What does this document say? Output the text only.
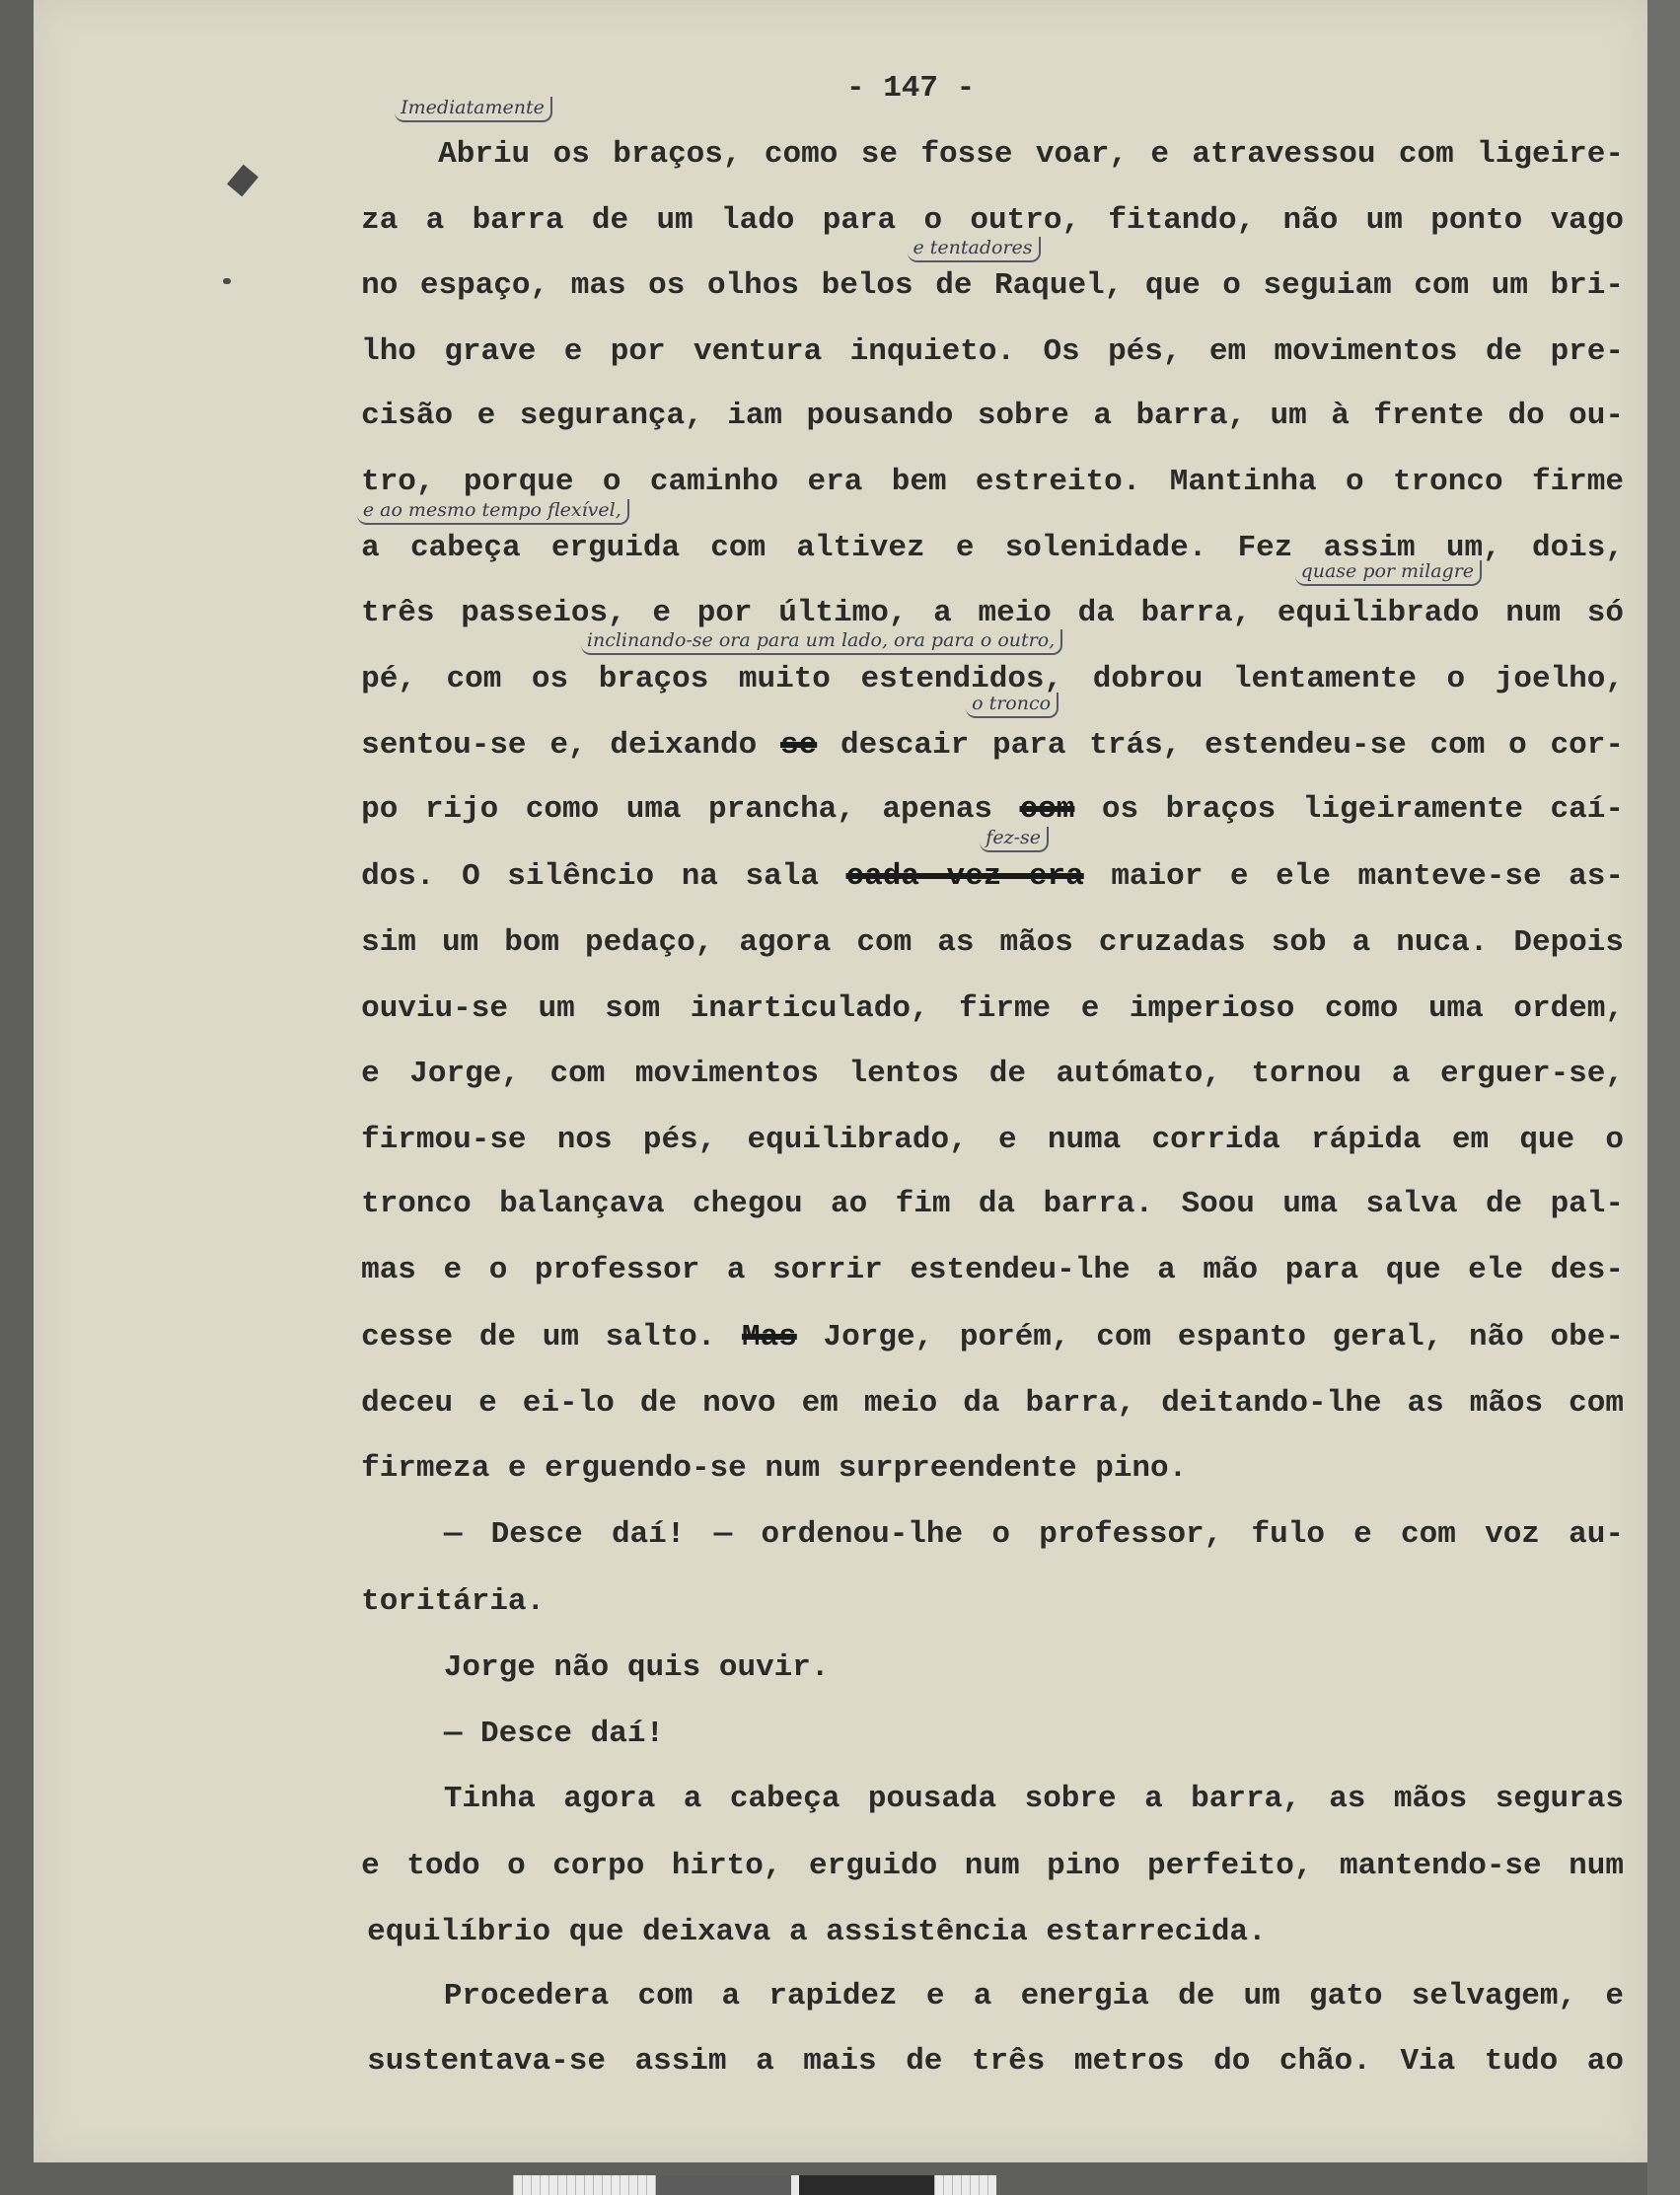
- 147 -
Abriu os braços, como se fosse voar, e atravessou com ligeire-
za a barra de um lado para o outro, fitando, não um ponto vago
no espaço, mas os olhos belos de Raquel, que o seguiam com um bri-
lho grave e por ventura inquieto. Os pés, em movimentos de pre-
cisão e segurança, iam pousando sobre a barra, um à frente do ou-
tro, porque o caminho era bem estreito. Mantinha o tronco firme
a cabeça erguida com altivez e solenidade. Fez assim um, dois,
três passeios, e por último, a meio da barra, equilibrado num só
pé, com os braços muito estendidos, dobrou lentamente o joelho,
sentou-se e, deixando se descair para trás, estendeu-se com o cor-
po rijo como uma prancha, apenas com os braços ligeiramente caí-
dos. O silêncio na sala cada vez era maior e ele manteve-se as-
sim um bom pedaço, agora com as mãos cruzadas sob a nuca. Depois
ouviu-se um som inarticulado, firme e imperioso como uma ordem,
e Jorge, com movimentos lentos de autómato, tornou a erguer-se,
firmou-se nos pés, equilibrado, e numa corrida rápida em que o
tronco balançava chegou ao fim da barra. Soou uma salva de pal-
mas e o professor a sorrir estendeu-lhe a mão para que ele des-
cesse de um salto. Mas Jorge, porém, com espanto geral, não obe-
deceu e ei-lo de novo em meio da barra, deitando-lhe as mãos com
firmeza e erguendo-se num surpreendente pino.
— Desce daí! — ordenou-lhe o professor, fulo e com voz au-
toritária.
Jorge não quis ouvir.
— Desce daí!
Tinha agora a cabeça pousada sobre a barra, as mãos seguras
e todo o corpo hirto, erguido num pino perfeito, mantendo-se num
equilíbrio que deixava a assistência estarrecida.
Procedera com a rapidez e a energia de um gato selvagem, e
sustentava-se assim a mais de três metros do chão. Via tudo ao
Imediatamente
e tentadores
e ao mesmo tempo flexível,
quase por milagre
inclinando-se ora para um lado, ora para o outro,
o tronco
fez-se
